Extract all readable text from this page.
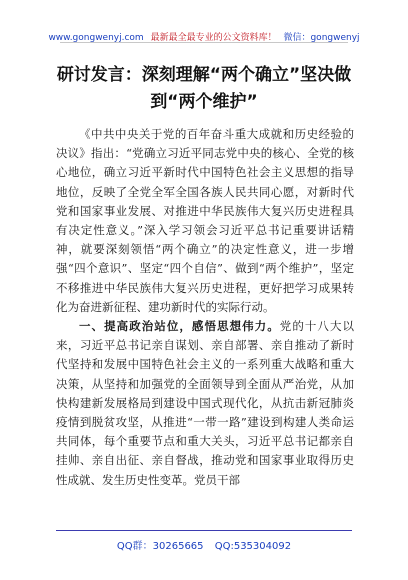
www.gongwenyj.com 最新最全最专业的公文资料库！ 微信：gongwenyj
研讨发言：深刻理解“两个确立”坚决做到“两个维护”

《中共中央关于党的百年奋斗重大成就和历史经验的决议》指出：“党确立习近平同志党中央的核心、全党的核心地位，确立习近平新时代中国特色社会主义思想的指导地位，反映了全党全军全国各族人民共同心愿，对新时代党和国家事业发展、对推进中华民族伟大复兴历史进程具有决定性意义。”深入学习领会习近平总书记重要讲话精神，就要深刻领悟“两个确立”的决定性意义，进一步增强“四个意识”、坚定“四个自信”、做到“两个维护”，坚定不移推进中华民族伟大复兴历史进程，更好把学习成果转化为奋进新征程、建功新时代的实际行动。

一、提高政治站位，感悟思想伟力。党的十八大以来，习近平总书记亲自谋划、亲自部署、亲自推动了新时代坚持和发展中国特色社会主义的一系列重大战略和重大决策，从坚持和加强党的全面领导到全面从严治党，从加快构建新发展格局到建设中国式现代化，从抗击新冠肺炎疫情到脱贫攻坚，从推进“一带一路”建设到构建人类命运共同体，每个重要节点和重大关头，习近平总书记都亲自挂帅、亲自出征、亲自督战，推动党和国家事业取得历史性成就、发生历史性变革。党员干部

QQ群：30265665 QQ:535304092
